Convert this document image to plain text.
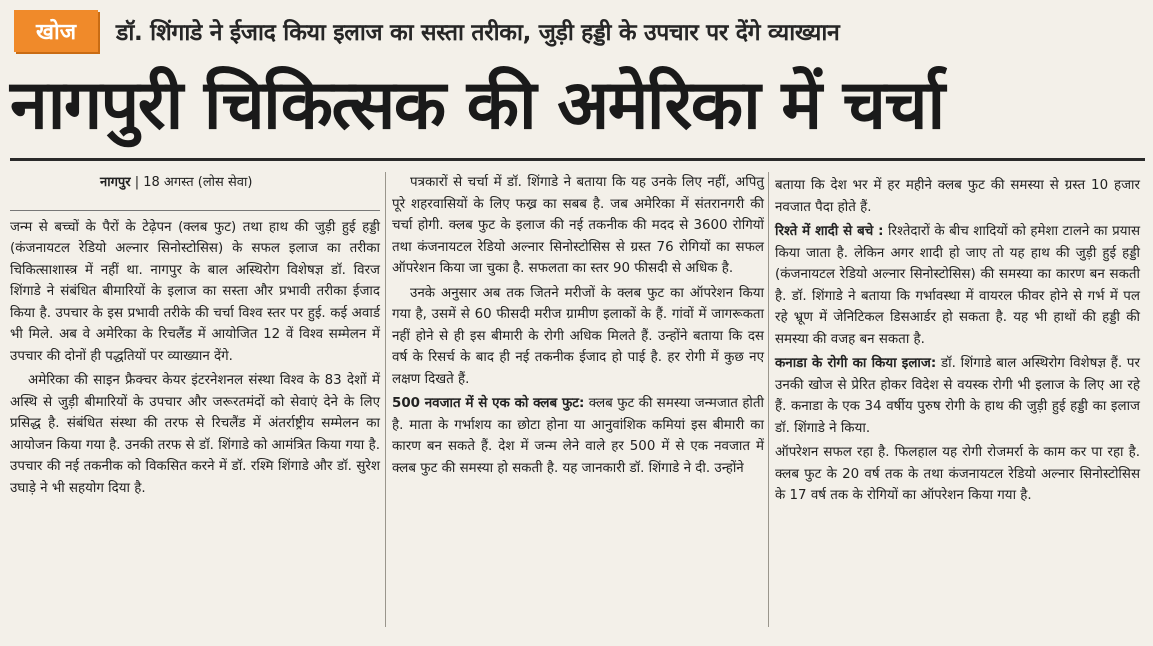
खोज	डॉ. शिंगाडे ने ईजाद किया इलाज का सस्ता तरीका, जुड़ी हड्डी के उपचार पर देंगे व्याख्यान
नागपुरी चिकित्सक की अमेरिका में चर्चा
नागपुर | 18 अगस्त (लोस सेवा)

जन्म से बच्चों के पैरों के टेढ़ेपन (क्लब फुट) तथा हाथ की जुड़ी हुई हड्डी (कंजनायटल रेडियो अल्नार सिनोस्टोसिस) के सफल इलाज का तरीका चिकित्साशास्त्र में नहीं था. नागपुर के बाल अस्थिरोग विशेषज्ञ डॉ. विरज शिंगाडे ने संबंधित बीमारियों के इलाज का सस्ता और प्रभावी तरीका ईजाद किया है. उपचार के इस प्रभावी तरीके की चर्चा विश्व स्तर पर हुई. कई अवार्ड भी मिले. अब वे अमेरिका के रिचलैंड में आयोजित 12 वें विश्व सम्मेलन में उपचार की दोनों ही पद्धतियों पर व्याख्यान देंगे.

अमेरिका की साइन फ्रैक्चर केयर इंटरनेशनल संस्था विश्व के 83 देशों में अस्थि से जुड़ी बीमारियों के उपचार और जरूरतमंदों को सेवाएं देने के लिए प्रसिद्ध है. संबंधित संस्था की तरफ से रिचलैंड में अंतर्राष्ट्रीय सम्मेलन का आयोजन किया गया है. उनकी तरफ से डॉ. शिंगाडे को आमंत्रित किया गया है. उपचार की नई तकनीक को विकसित करने में डॉ. रश्मि शिंगाडे और डॉ. सुरेश उघाड़े ने भी सहयोग दिया है.

पत्रकारों से चर्चा में डॉ. शिंगाडे ने बताया कि यह उनके लिए नहीं, अपितु पूरे शहरवासियों के लिए फख्र का सबब है. जब अमेरिका में संतरानगरी की चर्चा होगी. क्लब फुट के इलाज की नई तकनीक की मदद से 3600 रोगियों तथा कंजनायटल रेडियो अल्नार सिनोस्टोसिस से ग्रस्त 76 रोगियों का सफल ऑपरेशन किया जा चुका है. सफलता का स्तर 90 फीसदी से अधिक है.

उनके अनुसार अब तक जितने मरीजों के क्लब फुट का ऑपरेशन किया गया है, उसमें से 60 फीसदी मरीज ग्रामीण इलाकों के हैं. गांवों में जागरूकता नहीं होने से ही इस बीमारी के रोगी अधिक मिलते हैं. उन्होंने बताया कि दस वर्ष के रिसर्च के बाद ही नई तकनीक ईजाद हो पाई है. हर रोगी में कुछ नए लक्षण दिखते हैं.

500 नवजात में से एक को क्लब फुट: क्लब फुट की समस्या जन्मजात होती है. माता के गर्भाशय का छोटा होना या आनुवांशिक कमियां इस बीमारी का कारण बन सकते हैं. देश में जन्म लेने वाले हर 500 में से एक नवजात में क्लब फुट की समस्या हो सकती है. यह जानकारी डॉ. शिंगाडे ने दी. उन्होंने

बताया कि देश भर में हर महीने क्लब फुट की समस्या से ग्रस्त 10 हजार नवजात पैदा होते हैं.

रिश्ते में शादी से बचे : रिश्तेदारों के बीच शादियों को हमेशा टालने का प्रयास किया जाता है. लेकिन अगर शादी हो जाए तो यह हाथ की जुड़ी हुई हड्डी (कंजनायटल रेडियो अल्नार सिनोस्टोसिस) की समस्या का कारण बन सकती है. डॉ. शिंगाडे ने बताया कि गर्भावस्था में वायरल फीवर होने से गर्भ में पल रहे भ्रूण में जेनिटिकल डिसआर्डर हो सकता है. यह भी हाथों की हड्डी की समस्या की वजह बन सकता है.

कनाडा के रोगी का किया इलाज: डॉ. शिंगाडे बाल अस्थिरोग विशेषज्ञ हैं. पर उनकी खोज से प्रेरित होकर विदेश से वयस्क रोगी भी इलाज के लिए आ रहे हैं. कनाडा के एक 34 वर्षीय पुरुष रोगी के हाथ की जुड़ी हुई हड्डी का इलाज डॉ. शिंगाडे ने किया.

ऑपरेशन सफल रहा है. फिलहाल यह रोगी रोजमर्रा के काम कर पा रहा है. क्लब फुट के 20 वर्ष तक के तथा कंजनायटल रेडियो अल्नार सिनोस्टोसिस के 17 वर्ष तक के रोगियों का ऑपरेशन किया गया है.
